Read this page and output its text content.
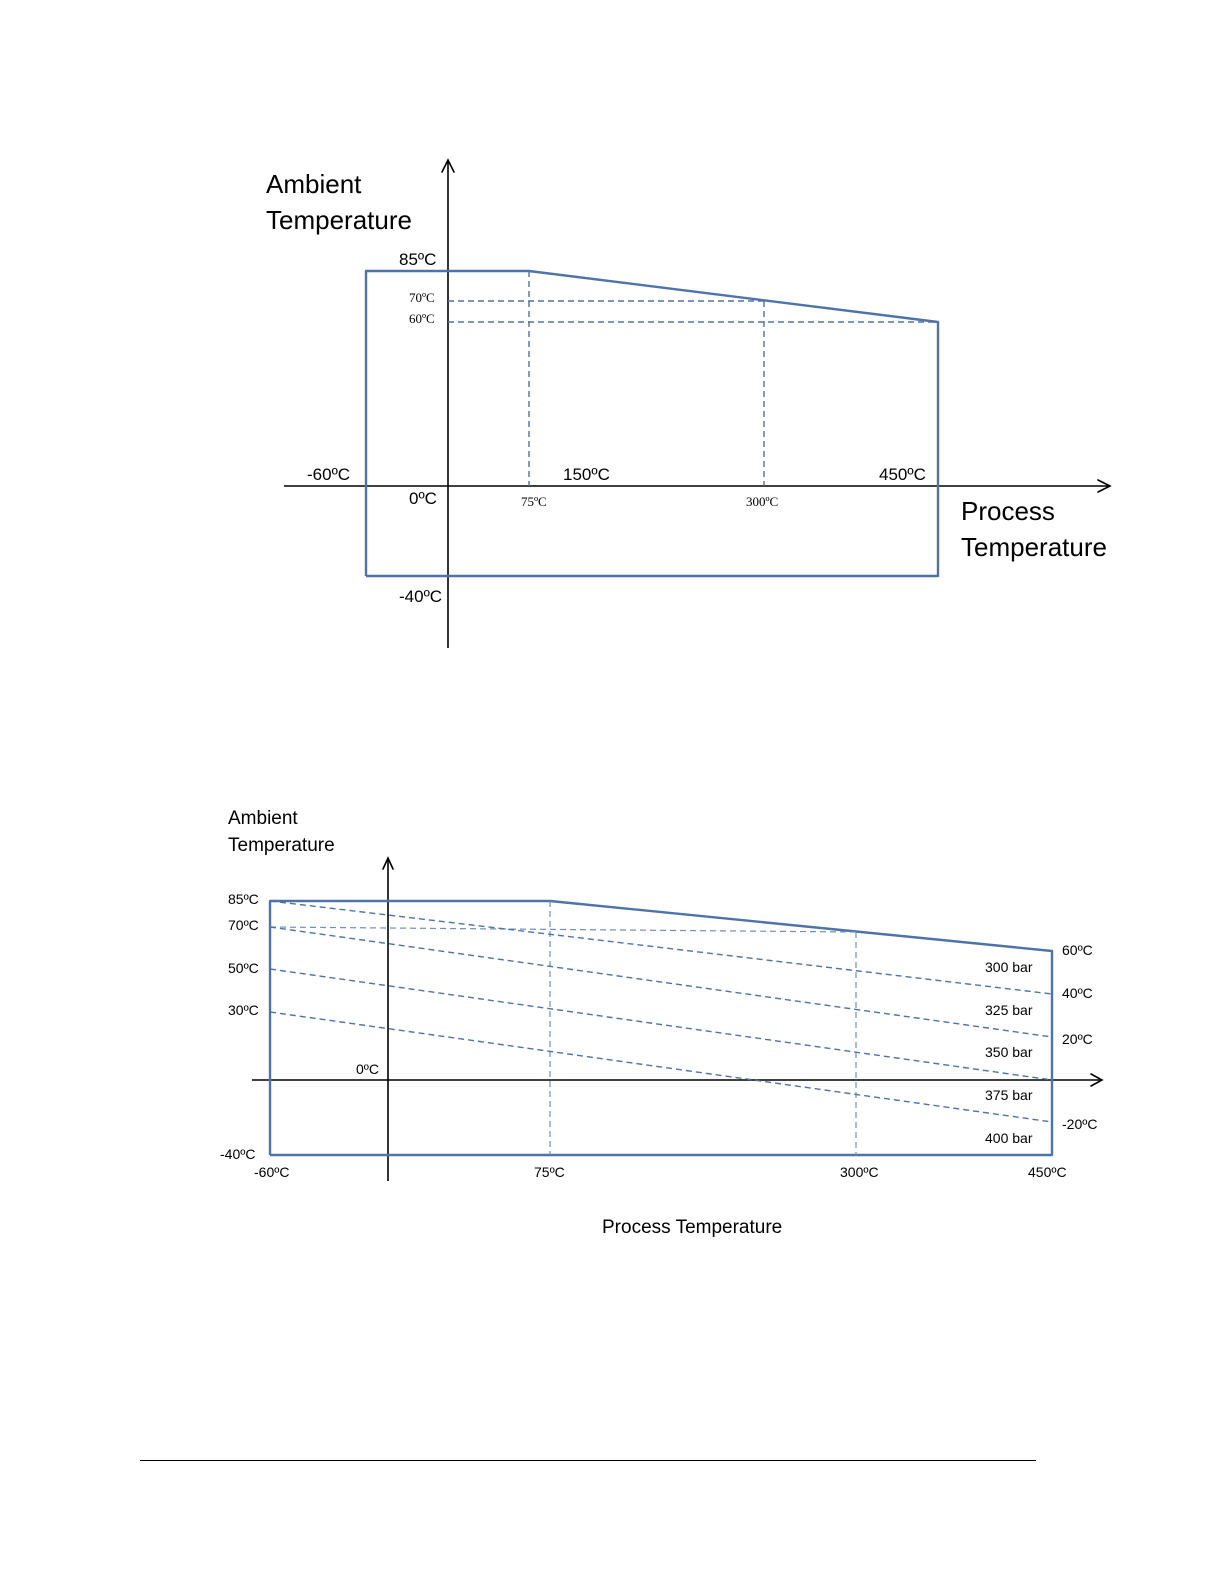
Ambient
Temperature
Process
Temperature
85ºC
70ºC
60ºC
-60ºC
0ºC
150ºC	450ºC
75ºC	300ºC
-40ºC
Ambient
Temperature
Process Temperature
85ºC
70ºC
50ºC
30ºC
-40ºC
0ºC
-60ºC	75ºC	300ºC	450ºC
60ºC
40ºC
20ºC
-20ºC
300 bar
325 bar
350 bar
375 bar
400 bar
